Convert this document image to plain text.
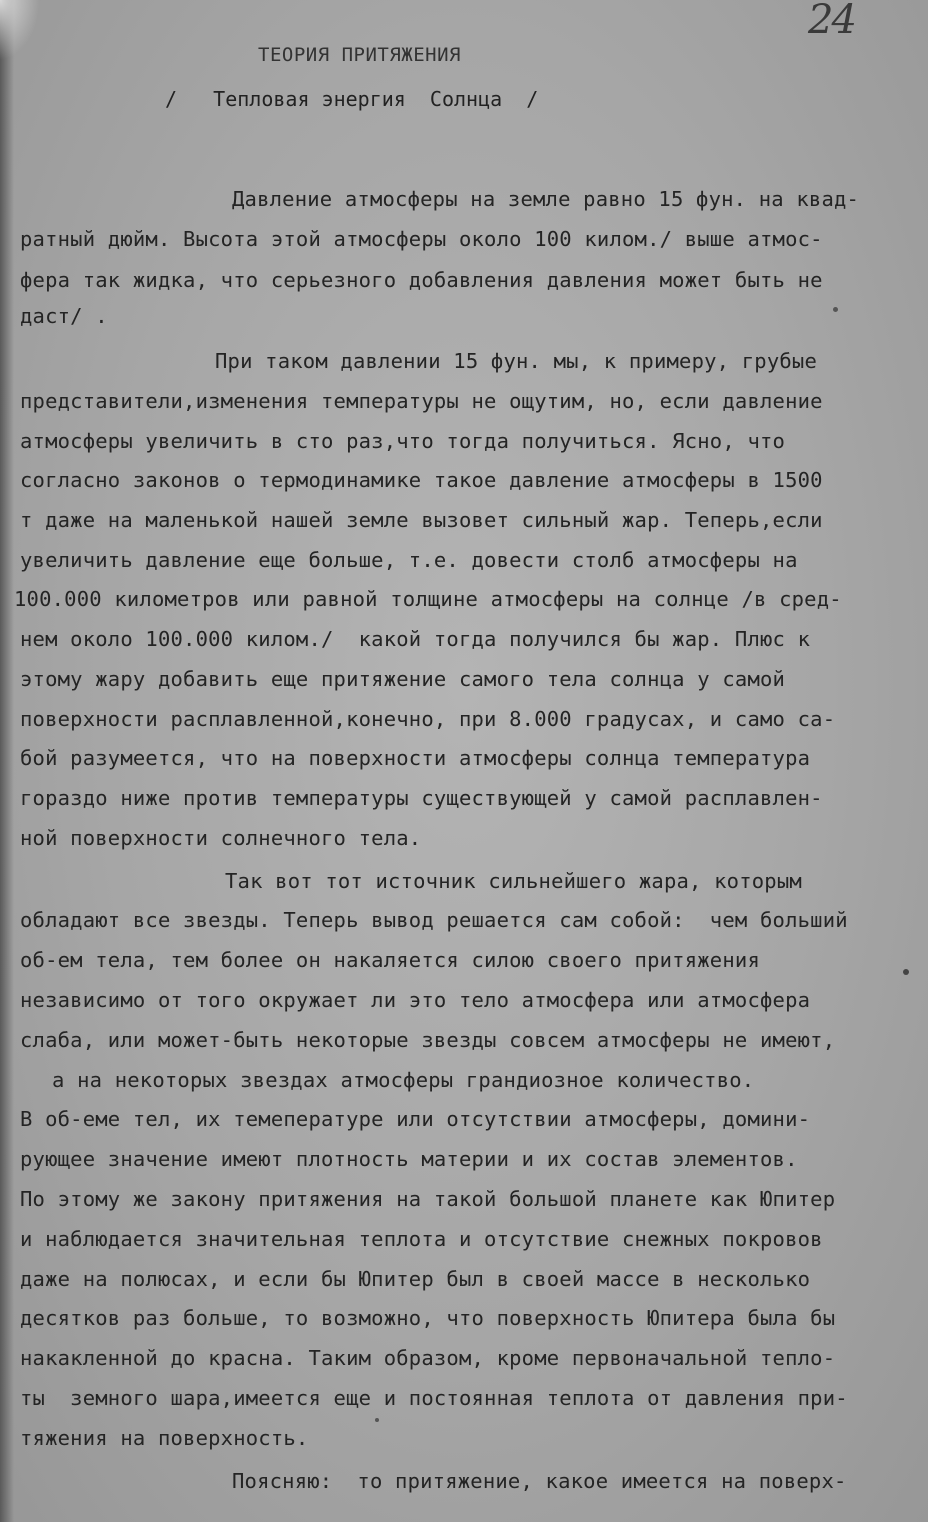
24
ТЕОРИЯ ПРИТЯЖЕНИЯ
/   Тепловая энергия  Солнца  /
Давление атмосферы на земле равно 15 фун. на квад-
ратный дюйм. Высота этой атмосферы около 100 килом./ выше атмос-
фера так жидка, что серьезного добавления давления может быть не
даст/ .
При таком давлении 15 фун. мы, к примеру, грубые
представители,изменения температуры не ощутим, но, если давление
атмосферы увеличить в сто раз,что тогда получиться. Ясно, что
согласно законов о термодинамике такое давление атмосферы в 1500
т даже на маленькой нашей земле вызовет сильный жар. Теперь,если
увеличить давление еще больше, т.е. довести столб атмосферы на
100.000 километров или равной толщине атмосферы на солнце /в сред-
нем около 100.000 килом./  какой тогда получился бы жар. Плюс к
этому жару добавить еще притяжение самого тела солнца у самой
поверхности расплавленной,конечно, при 8.000 градусах, и само са-
бой разумеется, что на поверхности атмосферы солнца температура
гораздо ниже против температуры существующей у самой расплавлен-
ной поверхности солнечного тела.
Так вот тот источник сильнейшего жара, которым
обладают все звезды. Теперь вывод решается сам собой:  чем больший
об-ем тела, тем более он накаляется силою своего притяжения
независимо от того окружает ли это тело атмосфера или атмосфера
слаба, или может-быть некоторые звезды совсем атмосферы не имеют,
а на некоторых звездах атмосферы грандиозное количество.
В об-еме тел, их темепературе или отсутствии атмосферы, домини-
рующее значение имеют плотность материи и их состав элементов.
По этому же закону притяжения на такой большой планете как Юпитер
и наблюдается значительная теплота и отсутствие снежных покровов
даже на полюсах, и если бы Юпитер был в своей массе в несколько
десятков раз больше, то возможно, что поверхность Юпитера была бы
накакленной до красна. Таким образом, кроме первоначальной тепло-
ты  земного шара,имеется еще и постоянная теплота от давления при-
тяжения на поверхность.
Поясняю:  то притяжение, какое имеется на поверх-
